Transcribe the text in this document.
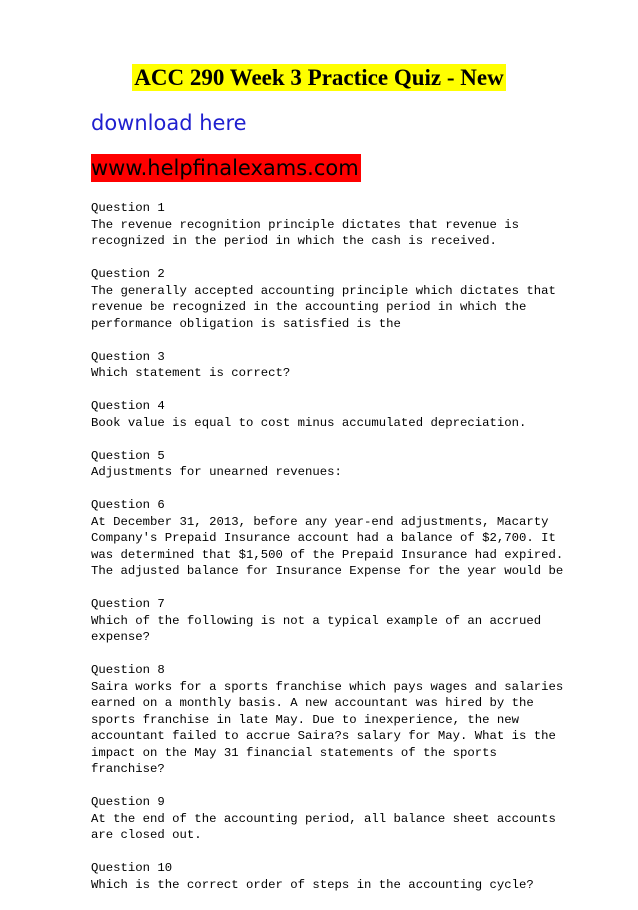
ACC 290 Week 3 Practice Quiz - New
download here
www.helpfinalexams.com
Question 1
The revenue recognition principle dictates that revenue is
recognized in the period in which the cash is received.
Question 2
The generally accepted accounting principle which dictates that
revenue be recognized in the accounting period in which the
performance obligation is satisfied is the
Question 3
Which statement is correct?
Question 4
Book value is equal to cost minus accumulated depreciation.
Question 5
Adjustments for unearned revenues:
Question 6
At December 31, 2013, before any year-end adjustments, Macarty
Company's Prepaid Insurance account had a balance of $2,700. It
was determined that $1,500 of the Prepaid Insurance had expired.
The adjusted balance for Insurance Expense for the year would be
Question 7
Which of the following is not a typical example of an accrued
expense?
Question 8
Saira works for a sports franchise which pays wages and salaries
earned on a monthly basis. A new accountant was hired by the
sports franchise in late May. Due to inexperience, the new
accountant failed to accrue Saira?s salary for May. What is the
impact on the May 31 financial statements of the sports
franchise?
Question 9
At the end of the accounting period, all balance sheet accounts
are closed out.
Question 10
Which is the correct order of steps in the accounting cycle?
